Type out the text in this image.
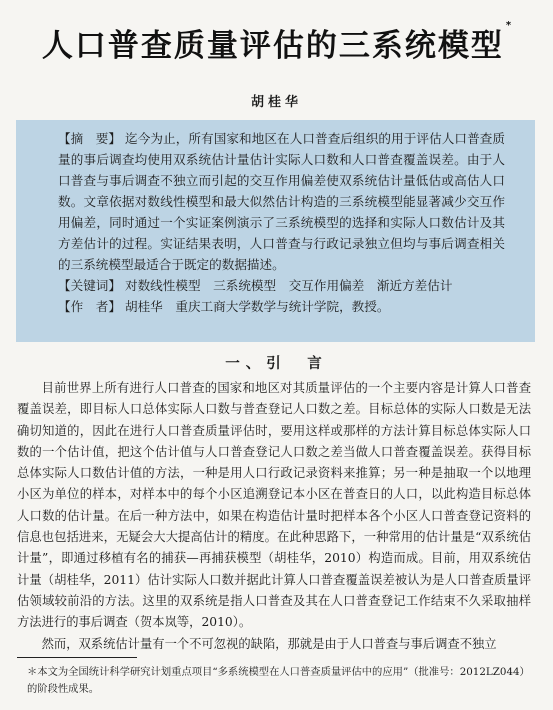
人口普查质量评估的三系统模型*
胡桂华

【摘　要】 迄今为止，所有国家和地区在人口普查后组织的用于评估人口普查质量的事后调查均使用双系统估计量估计实际人口数和人口普查覆盖误差。由于人口普查与事后调查不独立而引起的交互作用偏差使双系统估计量低估或高估人口数。文章依据对数线性模型和最大似然估计构造的三系统模型能显著减少交互作用偏差，同时通过一个实证案例演示了三系统模型的选择和实际人口数估计及其方差估计的过程。实证结果表明，人口普查与行政记录独立但均与事后调查相关的三系统模型最适合于既定的数据描述。

【关键词】 对数线性模型　三系统模型　交互作用偏差　渐近方差估计

【作　者】 胡桂华　重庆工商大学数学与统计学院，教授。

一、引　言

目前世界上所有进行人口普查的国家和地区对其质量评估的一个主要内容是计算人口普查覆盖误差，即目标人口总体实际人口数与普查登记人口数之差。目标总体的实际人口数是无法确切知道的，因此在进行人口普查质量评估时，要用这样或那样的方法计算目标总体实际人口数的一个估计值，把这个估计值与人口普查登记人口数之差当做人口普查覆盖误差。获得目标总体实际人口数估计值的方法，一种是用人口行政记录资料来推算；另一种是抽取一个以地理小区为单位的样本，对样本中的每个小区追溯登记本小区在普查日的人口，以此构造目标总体人口数的估计量。在后一种方法中，如果在构造估计量时把样本各个小区人口普查登记资料的信息也包括进来，无疑会大大提高估计的精度。在此种思路下，一种常用的估计量是“双系统估计量”，即通过移植有名的捕获—再捕获模型（胡桂华，2010）构造而成。目前，用双系统估计量（胡桂华，2011）估计实际人口数并据此计算人口普查覆盖误差被认为是人口普查质量评估领域较前沿的方法。这里的双系统是指人口普查及其在人口普查登记工作结束不久采取抽样方法进行的事后调查（贺本岚等，2010）。

然而，双系统估计量有一个不可忽视的缺陷，那就是由于人口普查与事后调查不独立

＊本文为全国统计科学研究计划重点项目“多系统模型在人口普查质量评估中的应用”（批准号：2012LZ044）的阶段性成果。
